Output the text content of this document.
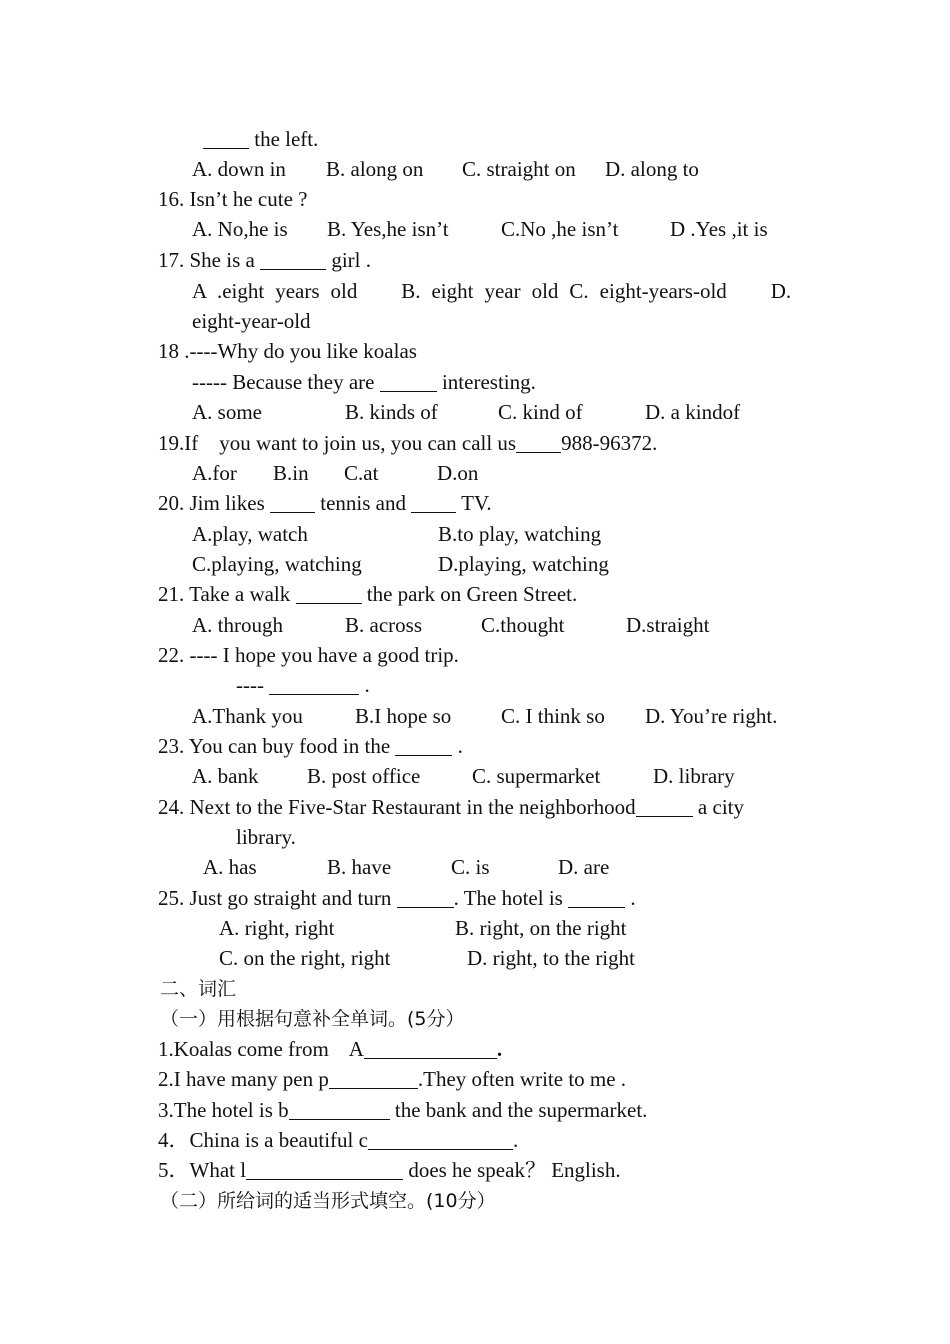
the left.
A. down in B. along on C. straight on D. along to
16. Isn’t he cute ?
A. No,he is B. Yes,he isn’t C.No ,he isn’t D .Yes ,it is
17. She is a	girl .
A .eight years old B. eight year old C. eight-years-old D.
eight-year-old
18 .----Why do you like koalas
----- Because they are	interesting.
A. some	B. kinds of	C. kind of	D. a kindof
19.If    you want to join us, you can call us 988-96372.
A.for B.in C.at	D.on
20. Jim likes  tennis and  TV.
A.play, watch	B.to play, watching
C.playing, watching	D.playing, watching
21. Take a walk	the park on Green Street.
A. through	B. across	C.thought	D.straight
22. ---- I hope you have a good trip.
----	.
A.Thank you B.I hope so C. I think so D. You’re right.
23. You can buy food in the	.
A. bank B. post office C. supermarket	D. library
24. Next to the Five-Star Restaurant in the neighborhood	a city
library.
A. has	B. have	C. is	D. are
25. Just go straight and turn	. The hotel is	.
A. right, right	B. right, on the right
C. on the right, right	D. right, to the right
二、词汇
（一）用根据句意补全单词。(5分）
1.Koalas come from    A	.
2.I have many pen p	.They often write to me .
3.The hotel is b	the bank and the supermarket.
4．China is a beautiful c	.
5．What l	does he speak？ English.
（二）所给词的适当形式填空。(10分）
